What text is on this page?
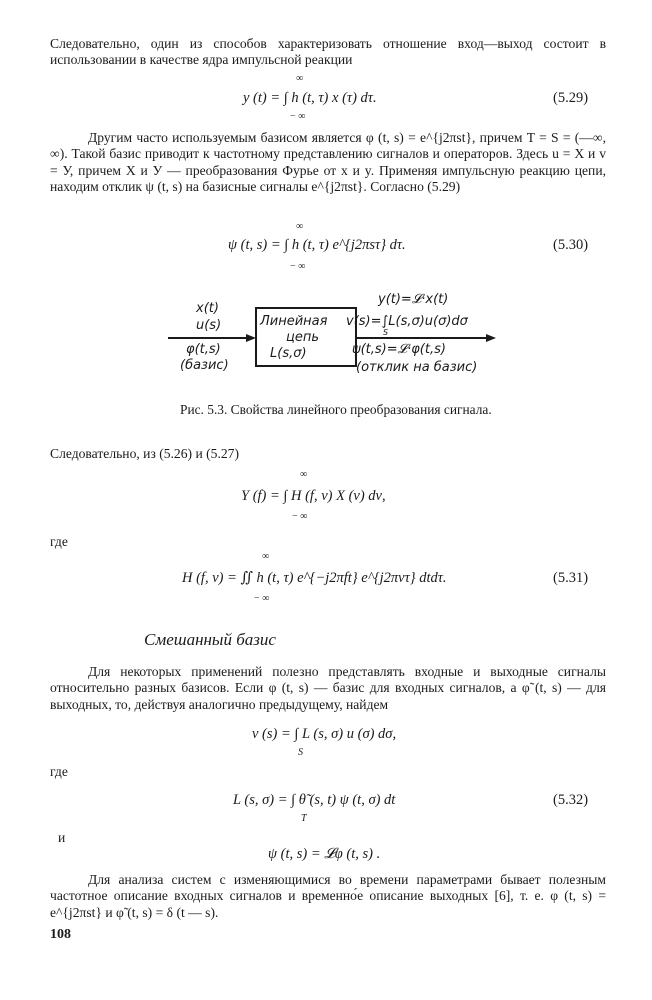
Следовательно, один из способов характеризовать отношение вход—выход состоит в использовании в качестве ядра импульсной реакции
∞
− ∞
y (t) = ∫ h (t, τ) x (τ) dτ.	(5.29)
Другим часто используемым базисом является φ (t, s) = e^{j2πst}, причем T = S = (—∞, ∞). Такой базис приводит к частотному представлению сигналов и операторов. Здесь u = X и v = У, причем X и У — преобразования Фурье от x и y. Применяя импульсную реакцию цепи, находим отклик ψ (t, s) на базисные сигналы e^{j2πst}. Согласно (5.29)
∞
− ∞
ψ (t, s) = ∫ h (t, τ) e^{j2πsτ} dτ.	(5.30)
x(t)
u(s)
φ(t,s)
(базис)
Линейная
цепь
L(s,σ)
y(t)=𝓛·x(t)
v(s)=∫L(s,σ)u(σ)dσ
S
ψ(t,s)=𝓛·φ(t,s)
(отклик на базис)
Рис. 5.3. Свойства линейного преобразования сигнала.
Следовательно, из (5.26) и (5.27)
∞
− ∞
Y (f) = ∫ H (f, ν) X (ν) dν,
где
∞
− ∞
H (f, ν) = ∬ h (t, τ) e^{−j2πft} e^{j2πντ} dtdτ.	(5.31)
Смешанный базис
Для некоторых применений полезно представлять входные и выходные сигналы относительно разных базисов. Если φ (t, s) — базис для входных сигналов, а φ̃ (t, s) — для выходных, то, действуя аналогично предыдущему, найдем
v (s) = ∫ L (s, σ) u (σ) dσ,
S
где
L (s, σ) = ∫ θ̃ (s, t) ψ (t, σ) dt
T
(5.32)
и
ψ (t, s) = 𝓛φ (t, s) .
Для анализа систем с изменяющимися во времени параметрами бывает полезным частотное описание входных сигналов и временно́е описание выходных [6], т. е. φ (t, s) = e^{j2πst} и φ̃ (t, s) = δ (t — s).
108
